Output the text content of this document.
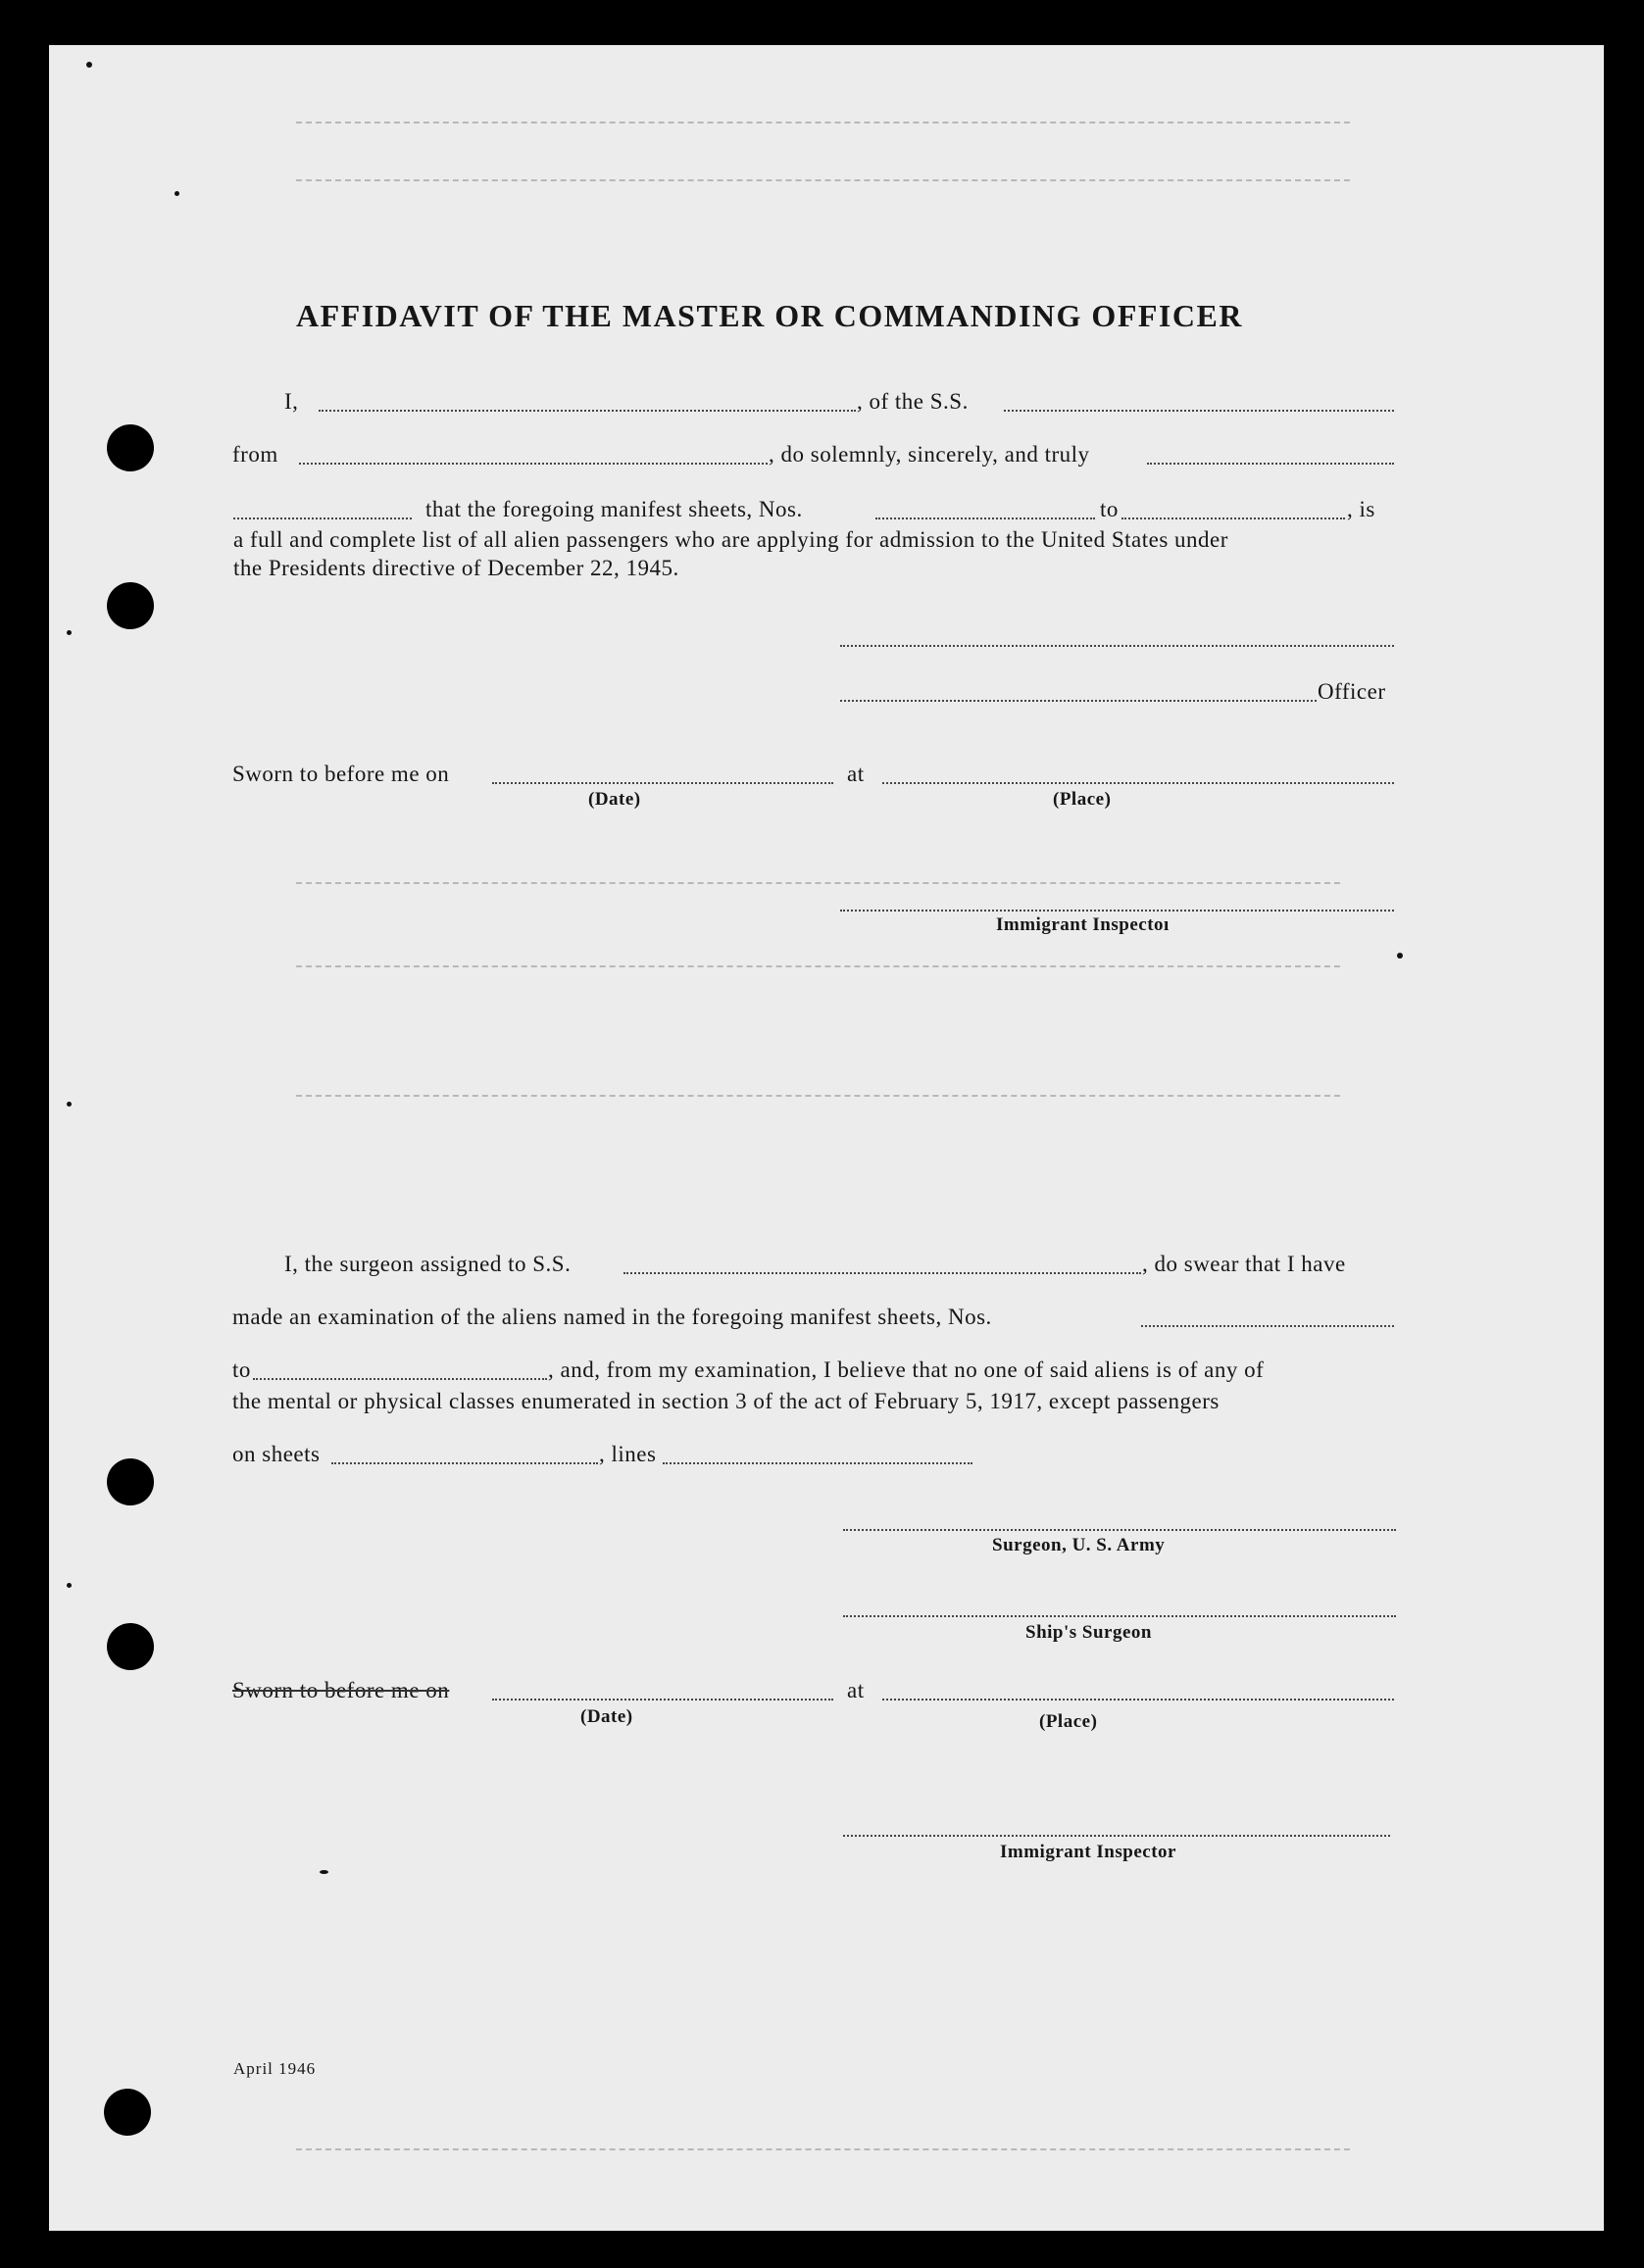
AFFIDAVIT OF THE MASTER OR COMMANDING OFFICER
I,	, of the S.S.
from	, do solemnly, sincerely, and truly
that the foregoing manifest sheets, Nos.	to	, is
a full and complete list of all alien passengers who are applying for admission to the United States under
the Presidents directive of December 22, 1945.
Officer
Sworn to before me on	at
(Date)	(Place)
Immigrant Inspectoı
I, the surgeon assigned to S.S.	, do swear that I have
made an examination of the aliens named in the foregoing manifest sheets, Nos.
to	, and, from my examination, I believe that no one of said aliens is of any of
the mental or physical classes enumerated in section 3 of the act of February 5, 1917, except passengers
on sheets	, lines
Surgeon, U. S. Army
Ship's Surgeon
Sworn to before me on	at
(Date)	(Place)
Immigrant Inspector
April 1946
